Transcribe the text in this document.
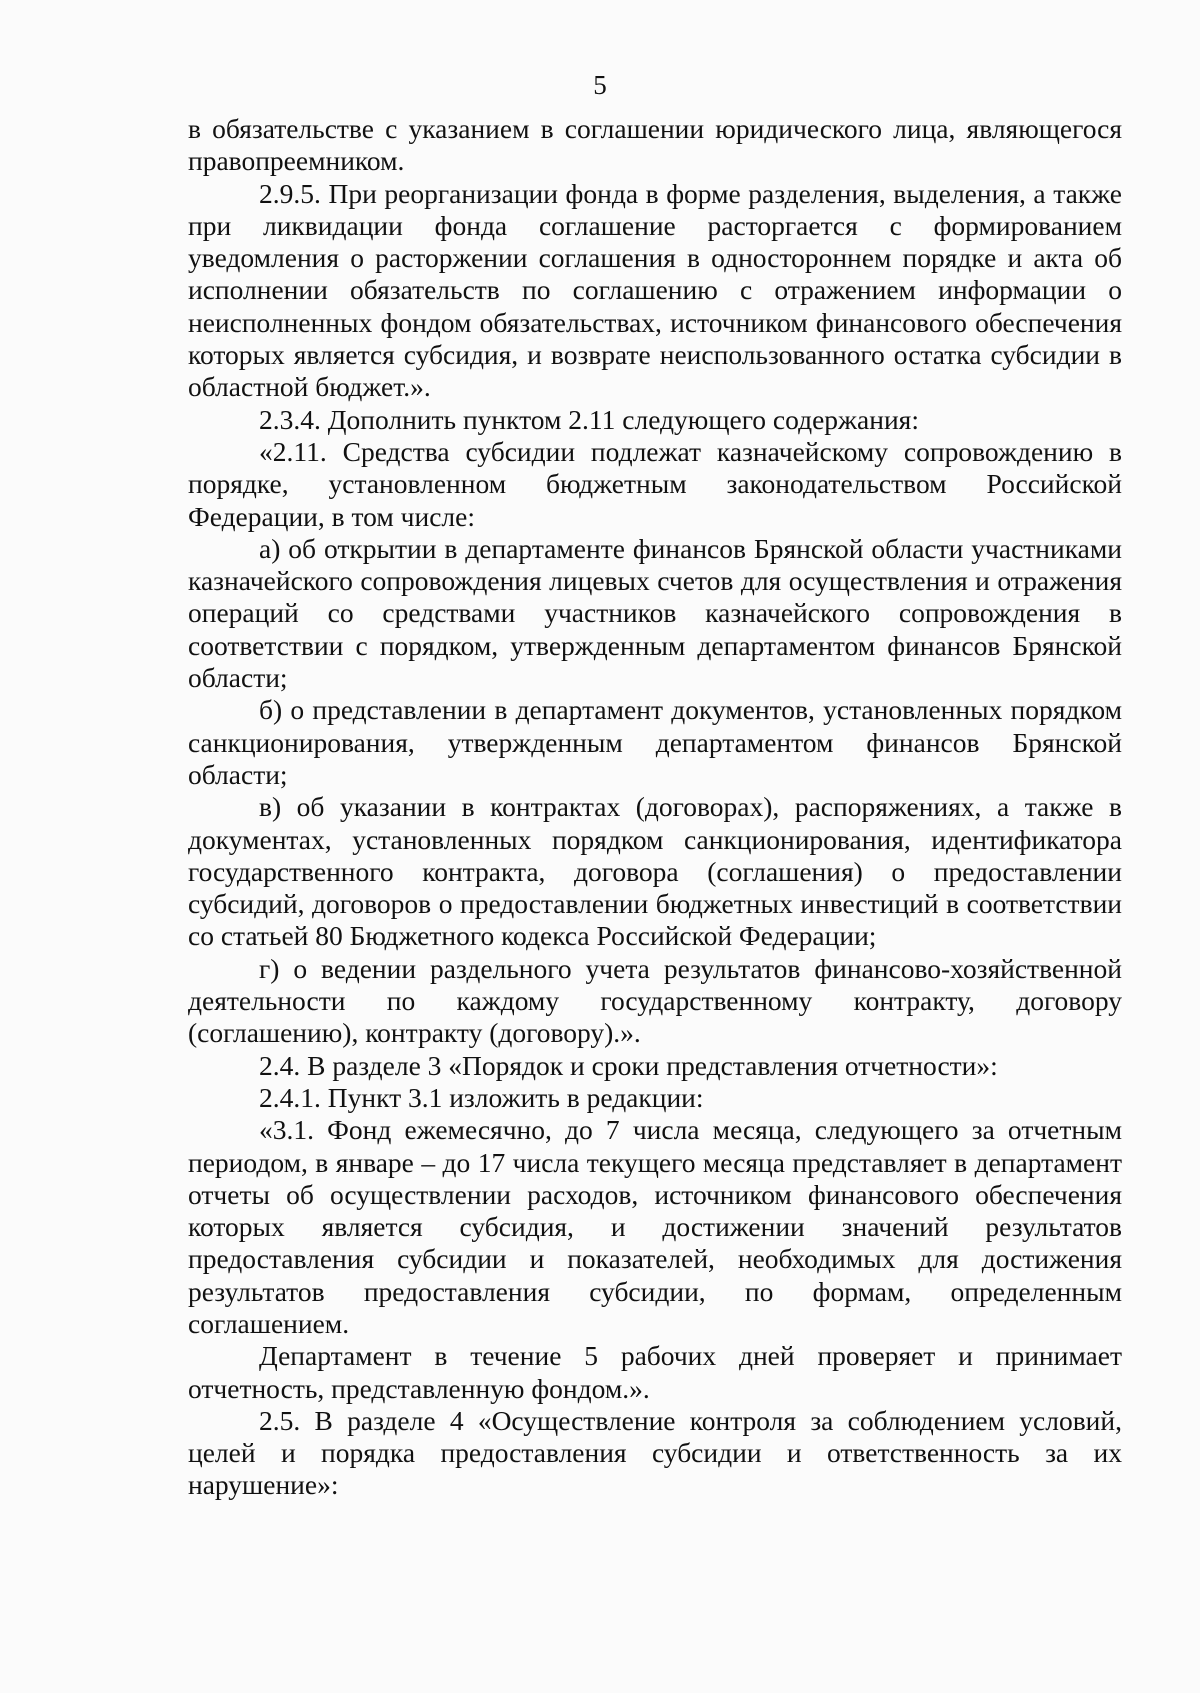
5

в обязательстве с указанием в соглашении юридического лица, являющегося правопреемником.

2.9.5. При реорганизации фонда в форме разделения, выделения, а также при ликвидации фонда соглашение расторгается с формированием уведомления о расторжении соглашения в одностороннем порядке и акта об исполнении обязательств по соглашению с отражением информации о неисполненных фондом обязательствах, источником финансового обеспечения которых является субсидия, и возврате неиспользованного остатка субсидии в областной бюджет.».

2.3.4. Дополнить пунктом 2.11 следующего содержания:

«2.11. Средства субсидии подлежат казначейскому сопровождению в порядке, установленном бюджетным законодательством Российской Федерации, в том числе:

а) об открытии в департаменте финансов Брянской области участниками казначейского сопровождения лицевых счетов для осуществления и отражения операций со средствами участников казначейского сопровождения в соответствии с порядком, утвержденным департаментом финансов Брянской области;

б) о представлении в департамент документов, установленных порядком санкционирования, утвержденным департаментом финансов Брянской области;

в) об указании в контрактах (договорах), распоряжениях, а также в документах, установленных порядком санкционирования, идентификатора государственного контракта, договора (соглашения) о предоставлении субсидий, договоров о предоставлении бюджетных инвестиций в соответствии со статьей 80 Бюджетного кодекса Российской Федерации;

г) о ведении раздельного учета результатов финансово-хозяйственной деятельности по каждому государственному контракту, договору (соглашению), контракту (договору).».

2.4. В разделе 3 «Порядок и сроки представления отчетности»:

2.4.1. Пункт 3.1 изложить в редакции:

«3.1. Фонд ежемесячно, до 7 числа месяца, следующего за отчетным периодом, в январе – до 17 числа текущего месяца представляет в департамент отчеты об осуществлении расходов, источником финансового обеспечения которых является субсидия, и достижении значений результатов предоставления субсидии и показателей, необходимых для достижения результатов предоставления субсидии, по формам, определенным соглашением.

Департамент в течение 5 рабочих дней проверяет и принимает отчетность, представленную фондом.».

2.5. В разделе 4 «Осуществление контроля за соблюдением условий, целей и порядка предоставления субсидии и ответственность за их нарушение»:
